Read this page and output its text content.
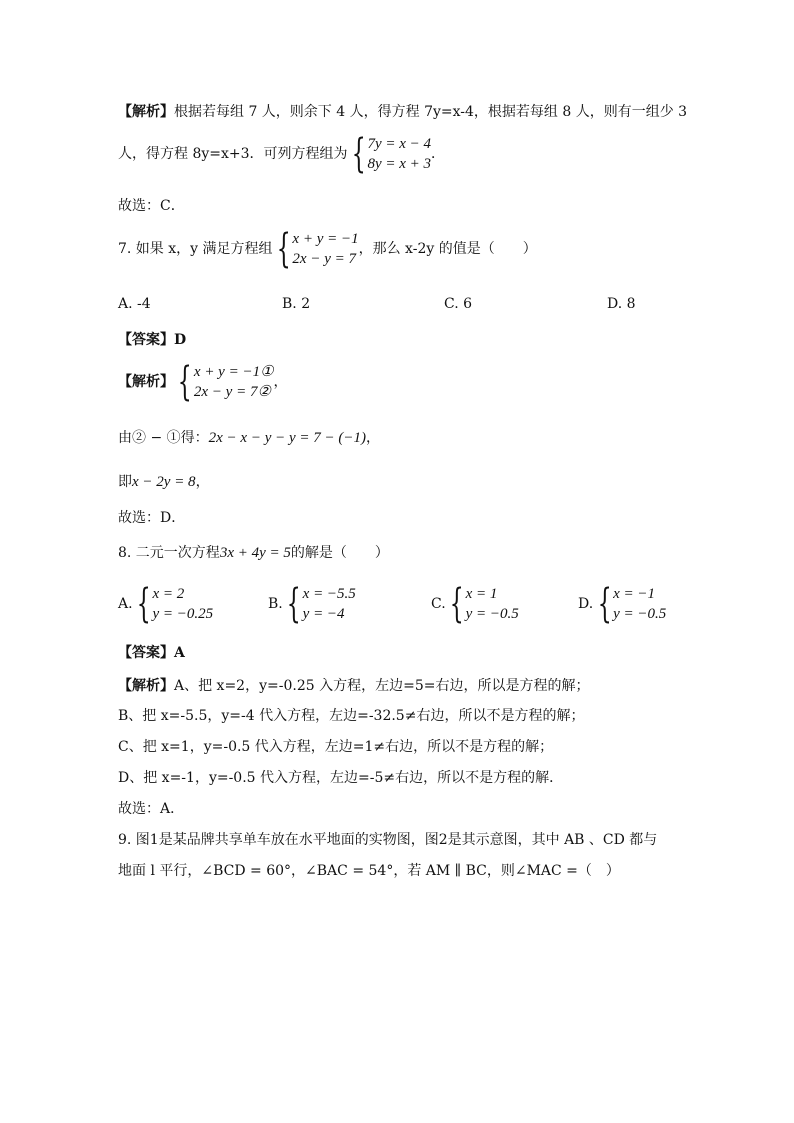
【解析】根据若每组 7 人，则余下 4 人，得方程 7y=x-4，根据若每组 8 人，则有一组少 3
人，得方程 8y=x+3．可列方程组为 { 7y = x − 4
8y = x + 3
．
故选：C．
7. 如果 x，y 满足方程组 { x + y = −1
2x − y = 7
，那么 x-2y 的值是（　　）
A. -4	B. 2	C. 6	D. 8
【答案】D
【解析】 { x + y = −1①
2x − y = 7②
，
由② − ①得：2x − x − y − y = 7 − (−1)，
即x − 2y = 8，
故选：D．
8. 二元一次方程3x + 4y = 5的解是（　　）
A. { x = 2
y = −0.25
B. { x = −5.5
y = −4
C. { x = 1
y = −0.5
D. { x = −1
y = −0.5
【答案】A
【解析】A、把 x=2，y=-0.25 入方程，左边=5=右边，所以是方程的解；
B、把 x=-5.5，y=-4 代入方程，左边=-32.5≠右边，所以不是方程的解；
C、把 x=1，y=-0.5 代入方程，左边=1≠右边，所以不是方程的解；
D、把 x=-1，y=-0.5 代入方程，左边=-5≠右边，所以不是方程的解．
故选：A．
9. 图1是某品牌共享单车放在水平地面的实物图，图2是其示意图，其中 AB 、CD 都与
地面 l 平行，∠BCD = 60°，∠BAC = 54°，若 AM ∥ BC，则∠MAC =（　）
